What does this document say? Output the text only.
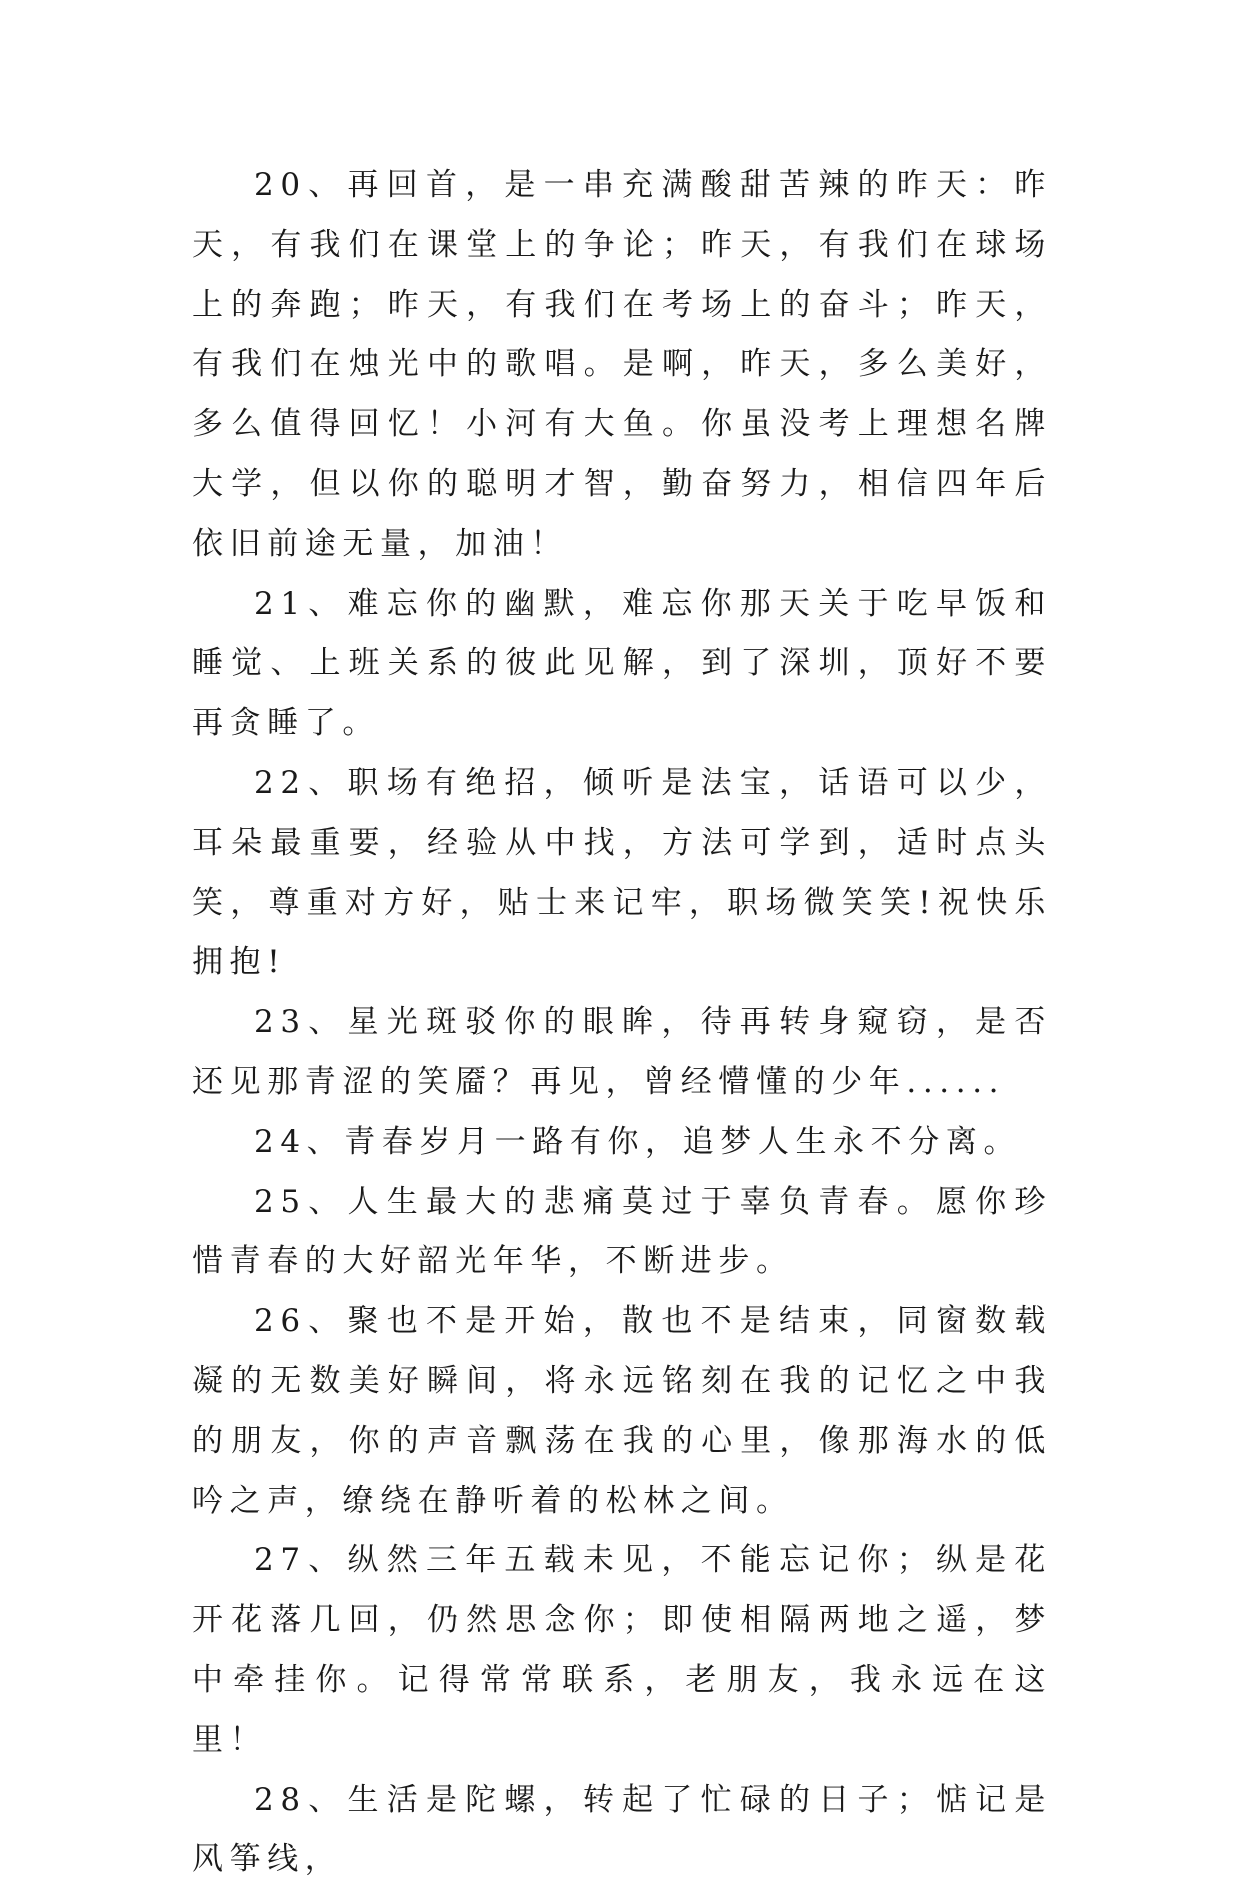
20、再回首，是一串充满酸甜苦辣的昨天：昨天，有我们在课堂上的争论；昨天，有我们在球场上的奔跑；昨天，有我们在考场上的奋斗；昨天，有我们在烛光中的歌唱。是啊，昨天，多么美好，多么值得回忆！小河有大鱼。你虽没考上理想名牌大学，但以你的聪明才智，勤奋努力，相信四年后依旧前途无量，加油！

21、难忘你的幽默，难忘你那天关于吃早饭和睡觉、上班关系的彼此见解，到了深圳，顶好不要再贪睡了。

22、职场有绝招，倾听是法宝，话语可以少，耳朵最重要，经验从中找，方法可学到，适时点头笑，尊重对方好，贴士来记牢，职场微笑笑!祝快乐拥抱!

23、星光斑驳你的眼眸，待再转身窥窃，是否还见那青涩的笑靥？再见，曾经懵懂的少年......

24、青春岁月一路有你，追梦人生永不分离。

25、人生最大的悲痛莫过于辜负青春。愿你珍惜青春的大好韶光年华，不断进步。

26、聚也不是开始，散也不是结束，同窗数载凝的无数美好瞬间，将永远铭刻在我的记忆之中我的朋友，你的声音飘荡在我的心里，像那海水的低吟之声，缭绕在静听着的松林之间。

27、纵然三年五载未见，不能忘记你；纵是花开花落几回，仍然思念你；即使相隔两地之遥，梦中牵挂你。记得常常联系，老朋友，我永远在这里！

28、生活是陀螺，转起了忙碌的日子；惦记是风筝线，
